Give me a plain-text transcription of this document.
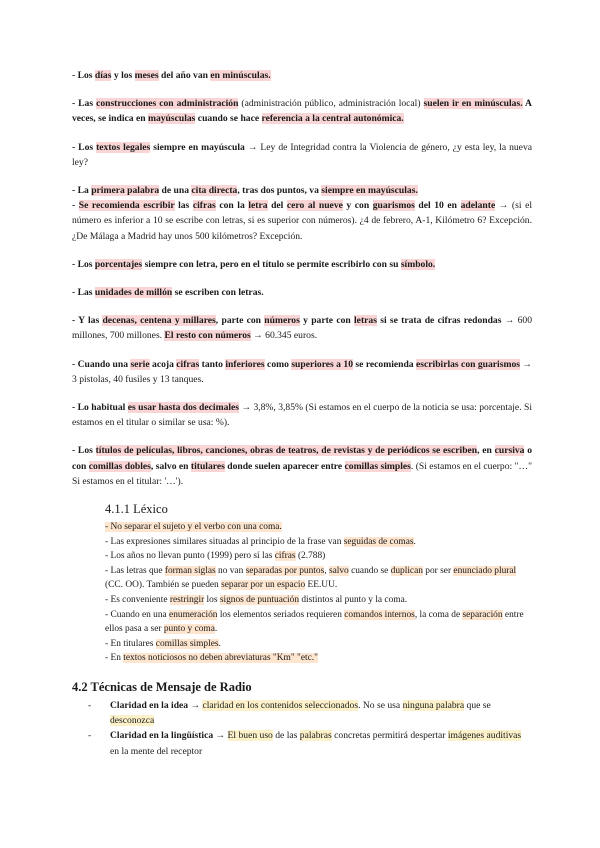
- Los días y los meses del año van en minúsculas.

- Las construcciones con administración (administración público, administración local) suelen ir en minúsculas. A veces, se indica en mayúsculas cuando se hace referencia a la central autonómica.

- Los textos legales siempre en mayúscula → Ley de Integridad contra la Violencia de género, ¿y esta ley, la nueva ley?

- La primera palabra de una cita directa, tras dos puntos, va siempre en mayúsculas.

- Se recomienda escribir las cifras con la letra del cero al nueve y con guarismos del 10 en adelante → (si el número es inferior a 10 se escribe con letras, si es superior con números). ¿4 de febrero, A-1, Kilómetro 6? Excepción. ¿De Málaga a Madrid hay unos 500 kilómetros? Excepción.

- Los porcentajes siempre con letra, pero en el título se permite escribirlo con su símbolo.

- Las unidades de millón se escriben con letras.

- Y las decenas, centena y millares, parte con números y parte con letras si se trata de cifras redondas → 600 millones, 700 millones. El resto con números → 60.345 euros.

- Cuando una serie acoja cifras tanto inferiores como superiores a 10 se recomienda escribirlas con guarismos → 3 pistolas, 40 fusiles y 13 tanques.

- Lo habitual es usar hasta dos decimales → 3,8%, 3,85% (Si estamos en el cuerpo de la noticia se usa: porcentaje. Si estamos en el titular o similar se usa: %).

- Los títulos de películas, libros, canciones, obras de teatros, de revistas y de periódicos se escriben, en cursiva o con comillas dobles, salvo en titulares donde suelen aparecer entre comillas simples. (Si estamos en el cuerpo: "…" Si estamos en el titular: '…').

4.1.1 Léxico
- No separar el sujeto y el verbo con una coma.
- Las expresiones similares situadas al principio de la frase van seguidas de comas.
- Los años no llevan punto (1999) pero sí las cifras (2.788)
- Las letras que forman siglas no van separadas por puntos, salvo cuando se duplican por ser enunciado plural (CC. OO). También se pueden separar por un espacio EE.UU.
- Es conveniente restringir los signos de puntuación distintos al punto y la coma.
- Cuando en una enumeración los elementos seriados requieren comandos internos, la coma de separación entre ellos pasa a ser punto y coma.
- En titulares comillas simples.
- En textos noticiosos no deben abreviaturas "Km" "etc."
4.2 Técnicas de Mensaje de Radio
-	Claridad en la idea → claridad en los contenidos seleccionados. No se usa ninguna palabra que se desconozca
-	Claridad en la lingüística → El buen uso de las palabras concretas permitirá despertar imágenes auditivas en la mente del receptor
